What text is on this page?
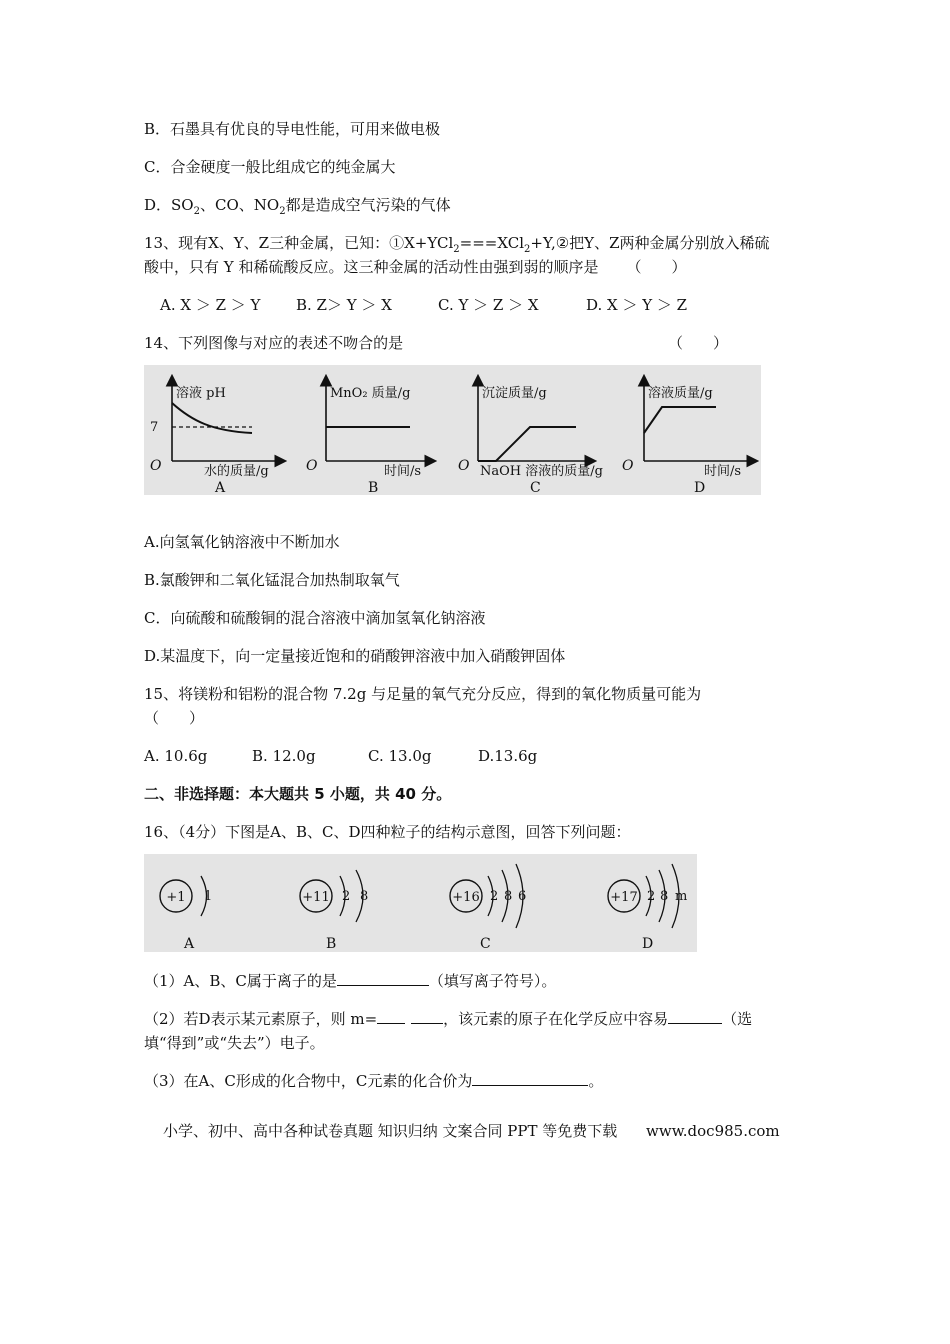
B．石墨具有优良的导电性能，可用来做电极
C．合金硬度一般比组成它的纯金属大
D．$SO_2$、CO、$NO_2$都是造成空气污染的气体
13、现有X、Y、Z三种金属，已知：①X+YCl$_2$===XCl$_2$+Y,②把Y、Z两种金属分别放入稀硫
酸中，只有 Y 和稀硫酸反应。这三种金属的活动性由强到弱的顺序是 （　　）
A. X ＞ Z ＞ Y B. Z＞ Y ＞ X	C. Y ＞ Z ＞ X	D. X ＞ Y ＞ Z
14、下列图像与对应的表述不吻合的是	（　　）
溶液 pH
7
O	水的质量/g
A
MnO₂ 质量/g
O	时间/s
B
沉淀质量/g
O NaOH 溶液的质量/g
C
溶液质量/g
O	时间/s
D
A.向氢氧化钠溶液中不断加水
B.氯酸钾和二氧化锰混合加热制取氧气
C．向硫酸和硫酸铜的混合溶液中滴加氢氧化钠溶液
D.某温度下，向一定量接近饱和的硝酸钾溶液中加入硝酸钾固体
15、将镁粉和铝粉的混合物 7.2g 与足量的氧气充分反应，得到的氧化物质量可能为
（　　）
A. 10.6g	B. 12.0g	C. 13.0g	D.13.6g
二、非选择题：本大题共 5 小题，共 40 分。
16、（4分）下图是A、B、C、D四种粒子的结构示意图，回答下列问题：
+1 1
A
+11 2 8
B
+16 2 8 6
C
+17 2 8 m
D
（1）A、B、C属于离子的是	（填写离子符号）。
（2）若D表示某元素原子，则 m=	，该元素的原子在化学反应中容易	（选
填“得到”或“失去”）电子。
（3）在A、C形成的化合物中，C元素的化合价为	。
小学、初中、高中各种试卷真题 知识归纳 文案合同 PPT 等免费下载 www.doc985.com
